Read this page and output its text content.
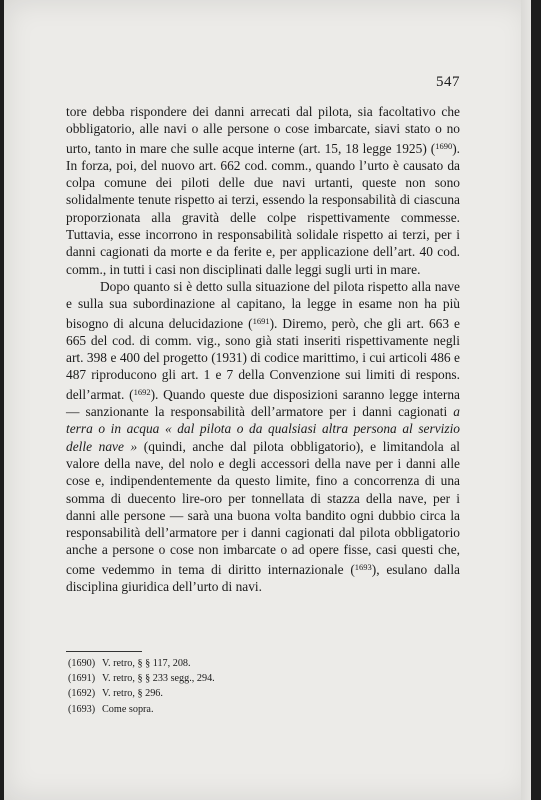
547

tore debba rispondere dei danni arrecati dal pilota, sia facoltativo che obbligatorio, alle navi o alle persone o cose imbarcate, siavi stato o no urto, tanto in mare che sulle acque interne (art. 15, 18 legge 1925) ($^{1690}$). In forza, poi, del nuovo art. 662 cod. comm., quando l’urto è causato da colpa comune dei piloti delle due navi urtanti, queste non sono solidalmente tenute rispetto ai terzi, essendo la responsabilità di ciascuna proporzionata alla gravità delle colpe rispettivamente commesse. Tuttavia, esse incorrono in responsabilità solidale rispetto ai terzi, per i danni cagionati da morte e da ferite e, per applicazione dell’art. 40 cod. comm., in tutti i casi non disciplinati dalle leggi sugli urti in mare.

Dopo quanto si è detto sulla situazione del pilota rispetto alla nave e sulla sua subordinazione al capitano, la legge in esame non ha più bisogno di alcuna delucidazione ($^{1691}$). Diremo, però, che gli art. 663 e 665 del cod. di comm. vig., sono già stati inseriti rispettivamente negli art. 398 e 400 del progetto (1931) di codice marittimo, i cui articoli 486 e 487 riproducono gli art. 1 e 7 della Convenzione sui limiti di respons. dell’armat. ($^{1692}$). Quando queste due disposizioni saranno legge interna — sanzionante la responsabilità dell’armatore per i danni cagionati a terra o in acqua « dal pilota o da qualsiasi altra persona al servizio delle nave » (quindi, anche dal pilota obbligatorio), e limitandola al valore della nave, del nolo e degli accessori della nave per i danni alle cose e, indipendentemente da questo limite, fino a concorrenza di una somma di duecento lire-oro per tonnellata di stazza della nave, per i danni alle persone — sarà una buona volta bandito ogni dubbio circa la responsabilità dell’armatore per i danni cagionati dal pilota obbligatorio anche a persone o cose non imbarcate o ad opere fisse, casi questi che, come vedemmo in tema di diritto internazionale ($^{1693}$), esulano dalla disciplina giuridica dell’urto di navi.

(1690) V. retro, § § 117, 208.
(1691) V. retro, § § 233 segg., 294.
(1692) V. retro, § 296.
(1693) Come sopra.
